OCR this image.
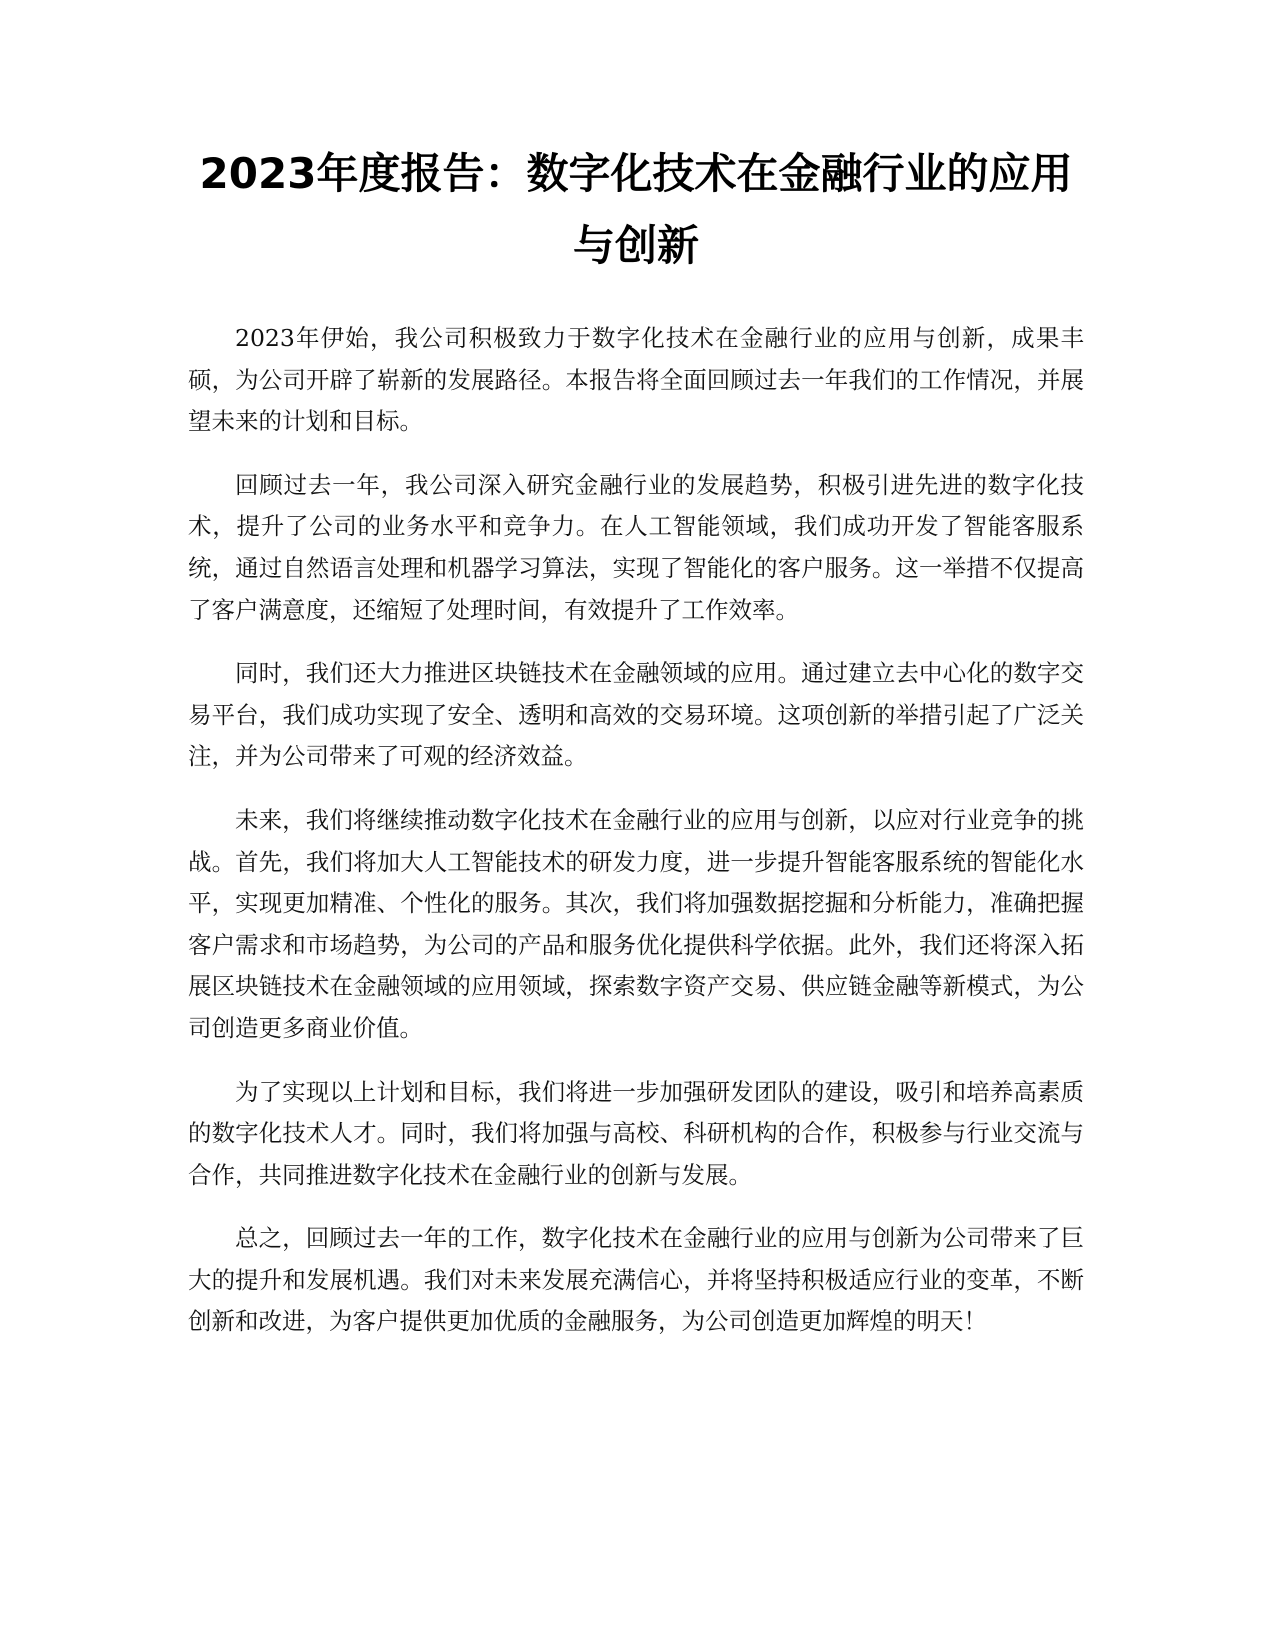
2023年度报告：数字化技术在金融行业的应用与创新

2023年伊始，我公司积极致力于数字化技术在金融行业的应用与创新，成果丰硕，为公司开辟了崭新的发展路径。本报告将全面回顾过去一年我们的工作情况，并展望未来的计划和目标。

回顾过去一年，我公司深入研究金融行业的发展趋势，积极引进先进的数字化技术，提升了公司的业务水平和竞争力。在人工智能领域，我们成功开发了智能客服系统，通过自然语言处理和机器学习算法，实现了智能化的客户服务。这一举措不仅提高了客户满意度，还缩短了处理时间，有效提升了工作效率。

同时，我们还大力推进区块链技术在金融领域的应用。通过建立去中心化的数字交易平台，我们成功实现了安全、透明和高效的交易环境。这项创新的举措引起了广泛关注，并为公司带来了可观的经济效益。

未来，我们将继续推动数字化技术在金融行业的应用与创新，以应对行业竞争的挑战。首先，我们将加大人工智能技术的研发力度，进一步提升智能客服系统的智能化水平，实现更加精准、个性化的服务。其次，我们将加强数据挖掘和分析能力，准确把握客户需求和市场趋势，为公司的产品和服务优化提供科学依据。此外，我们还将深入拓展区块链技术在金融领域的应用领域，探索数字资产交易、供应链金融等新模式，为公司创造更多商业价值。

为了实现以上计划和目标，我们将进一步加强研发团队的建设，吸引和培养高素质的数字化技术人才。同时，我们将加强与高校、科研机构的合作，积极参与行业交流与合作，共同推进数字化技术在金融行业的创新与发展。

总之，回顾过去一年的工作，数字化技术在金融行业的应用与创新为公司带来了巨大的提升和发展机遇。我们对未来发展充满信心，并将坚持积极适应行业的变革，不断创新和改进，为客户提供更加优质的金融服务，为公司创造更加辉煌的明天！
